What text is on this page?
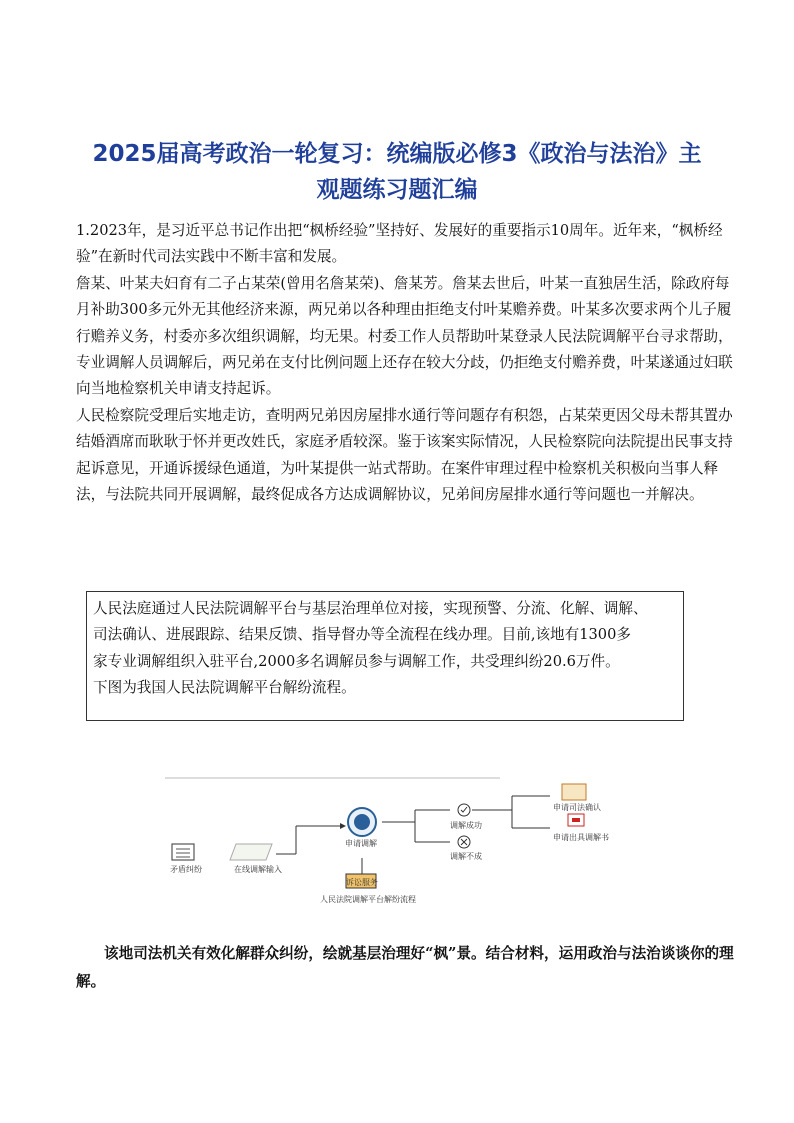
2025届高考政治一轮复习：统编版必修3《政治与法治》主
观题练习题汇编

1.2023年，是习近平总书记作出把“枫桥经验”坚持好、发展好的重要指示10周年。近年来，“枫桥经验”在新时代司法实践中不断丰富和发展。

詹某、叶某夫妇育有二子占某荣(曾用名詹某荣)、詹某芳。詹某去世后，叶某一直独居生活，除政府每月补助300多元外无其他经济来源，两兄弟以各种理由拒绝支付叶某赡养费。叶某多次要求两个儿子履行赡养义务，村委亦多次组织调解，均无果。村委工作人员帮助叶某登录人民法院调解平台寻求帮助，专业调解人员调解后，两兄弟在支付比例问题上还存在较大分歧，仍拒绝支付赡养费，叶某遂通过妇联向当地检察机关申请支持起诉。

人民检察院受理后实地走访，查明两兄弟因房屋排水通行等问题存有积怨，占某荣更因父母未帮其置办结婚酒席而耿耿于怀并更改姓氏，家庭矛盾较深。鉴于该案实际情况，人民检察院向法院提出民事支持起诉意见，开通诉援绿色通道，为叶某提供一站式帮助。在案件审理过程中检察机关积极向当事人释法，与法院共同开展调解，最终促成各方达成调解协议，兄弟间房屋排水通行等问题也一并解决。

人民法庭通过人民法院调解平台与基层治理单位对接，实现预警、分流、化解、调解、

司法确认、进展跟踪、结果反馈、指导督办等全流程在线办理。目前,该地有1300多

家专业调解组织入驻平台,2000多名调解员参与调解工作，共受理纠纷20.6万件。

下图为我国人民法院调解平台解纷流程。

矛盾纠纷	在线调解输入
申请调解
调解成功
调解不成
申请司法确认
申请出具调解书
诉讼服务
人民法院调解平台解纷流程
该地司法机关有效化解群众纠纷，绘就基层治理好“枫”景。结合材料，运用政治与法治谈谈你的理解。
